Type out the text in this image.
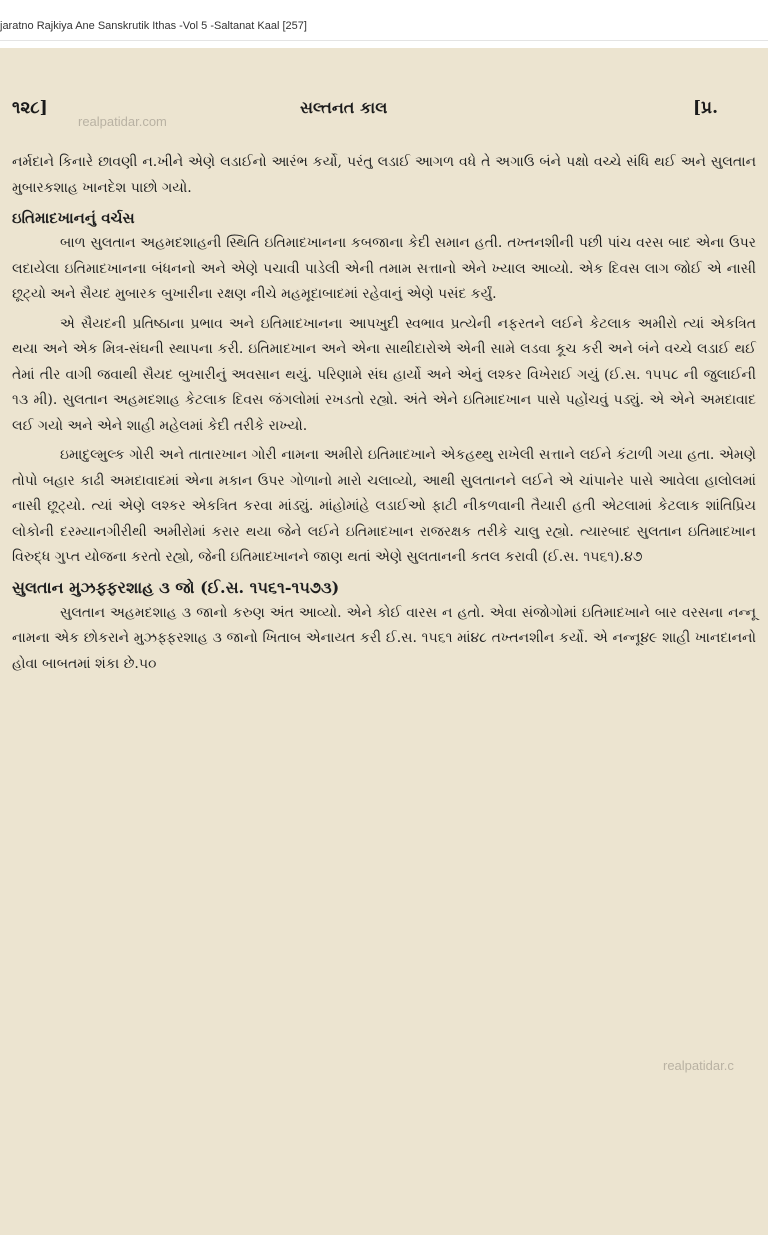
jaratno Rajkiya Ane Sanskrutik Ithas -Vol 5 -Saltanat Kaal [257]
૧૨૮]	સલ્તનત કાલ	[પ્ર.
realpatidar.com
realpatidar.c

નર્મદાને કિનારે છાવણી ન.ખીને એણે લડાઈનો આરંભ કર્યો, પરંતુ લડાઈ આગળ વધે તે અગાઉ બંને પક્ષો વચ્ચે સંધિ થઈ અને સુલતાન મુબારકશાહ ખાનદેશ પાછો ગયો.

ઇતિમાદખાનનું વર્ચસ

બાળ સુલતાન અહમદશાહની સ્થિતિ ઇતિમાદખાનના કબજાના કેદી સમાન હતી. તખ્તનશીની પછી પાંચ વરસ બાદ એના ઉપર લદાયેલા ઇતિમાદખાનના બંધનનો અને એણે પચાવી પાડેલી એની તમામ સત્તાનો એને ખ્યાલ આવ્યો. એક દિવસ લાગ જોઈ એ નાસી છૂટ્યો અને સૈયદ મુબારક બુખારીના રક્ષણ નીચે મહમૂદાબાદમાં રહેવાનું એણે પસંદ કર્યું.

એ સૈયદની પ્રતિષ્ઠાના પ્રભાવ અને ઇતિમાદખાનના આપખુદી સ્વભાવ પ્રત્યેની નફરતને લઈને કેટલાક અમીરો ત્યાં એકત્રિત થયા અને એક મિત્ર-સંઘની સ્થાપના કરી. ઇતિમાદખાન અને એના સાથીદારોએ એની સામે લડવા કૂચ કરી અને બંને વચ્ચે લડાઈ થઈ તેમાં તીર વાગી જવાથી સૈયદ બુખારીનું અવસાન થયું. પરિણામે સંઘ હાર્યો અને એનું લશ્કર વિખેરાઈ ગયું (ઈ.સ. ૧૫૫૮ ની જુલાઈની ૧૩ મી). સુલતાન અહમદશાહ કેટલાક દિવસ જંગલોમાં રખડતો રહ્યો. અંતે એને ઇતિમાદખાન પાસે પહોંચવું પડ્યું. એ એને અમદાવાદ લઈ ગયો અને એને શાહી મહેલમાં કેદી તરીકે રાખ્યો.

ઇમાદુલ્મુલ્ક ગોરી અને તાતારખાન ગોરી નામના અમીરો ઇતિમાદખાને એકહથ્થુ રાખેલી સત્તાને લઈને કંટાળી ગયા હતા. એમણે તોપો બહાર કાઢી અમદાવાદમાં એના મકાન ઉપર ગોળાનો મારો ચલાવ્યો, આથી સુલતાનને લઈને એ ચાંપાનેર પાસે આવેલા હાલોલમાં નાસી છૂટ્યો. ત્યાં એણે લશ્કર એકત્રિત કરવા માંડ્યું. માંહોમાંહે લડાઈઓ ફાટી નીકળવાની તૈયારી હતી એટલામાં કેટલાક શાંતિપ્રિય લોકોની દરમ્યાનગીરીથી અમીરોમાં કરાર થયા જેને લઈને ઇતિમાદખાન રાજરક્ષક તરીકે ચાલુ રહ્યો. ત્યારબાદ સુલતાન ઇતિમાદખાન વિરુદ્ધ ગુપ્ત યોજના કરતો રહ્યો, જેની ઇતિમાદખાનને જાણ થતાં એણે સુલતાનની કતલ કરાવી (ઈ.સ. ૧૫૬૧).૪૭

સુલતાન મુઝફ્ફરશાહ ૩ જો (ઈ.સ. ૧૫૬૧-૧૫૭૩)

સુલતાન અહમદશાહ ૩ જાનો કરુણ અંત આવ્યો. એને કોઈ વારસ ન હતો. એવા સંજોગોમાં ઇતિમાદખાને બાર વરસના નન્નૂ નામના એક છોકરાને મુઝફ્ફરશાહ ૩ જાનો ખિતાબ એનાયત કરી ઈ.સ. ૧૫૬૧ માં૪૮ તખ્તનશીન કર્યો. એ નન્નૂ૪૯ શાહી ખાનદાનનો હોવા બાબતમાં શંકા છે.૫૦
